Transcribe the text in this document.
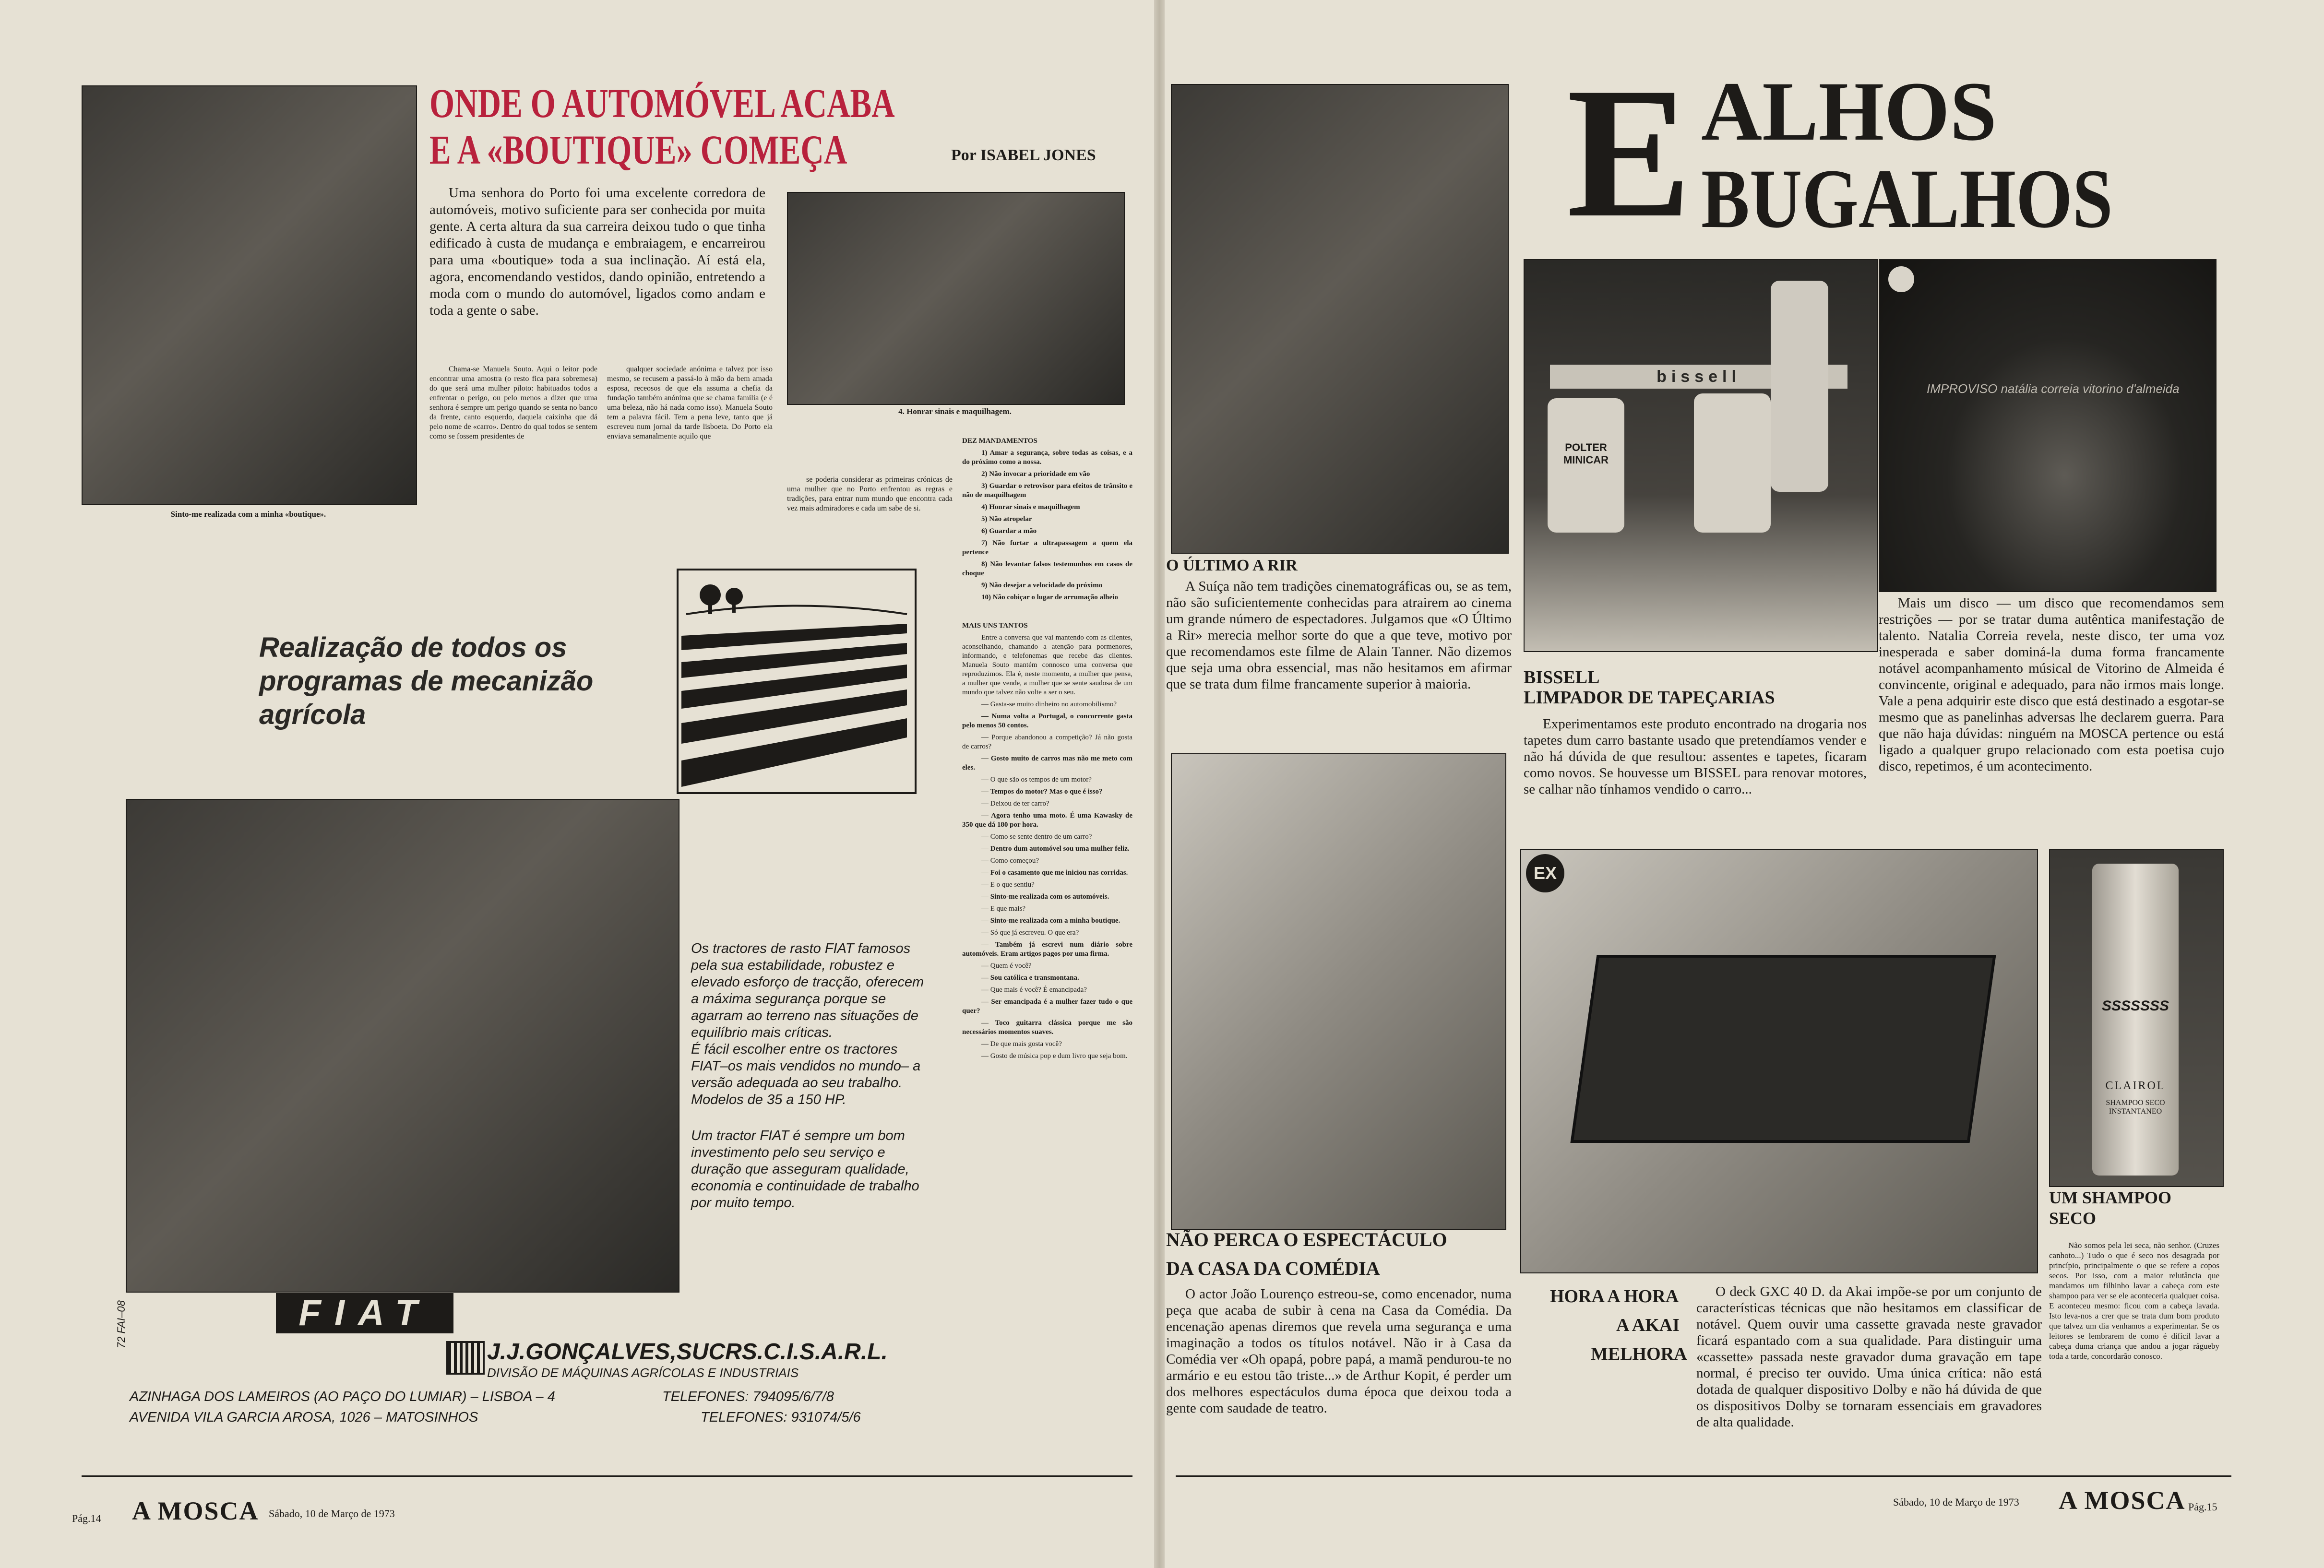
Sinto-me realizada com a minha «boutique».
ONDE O AUTOMÓVEL ACABA
E A «BOUTIQUE» COMEÇA	Por ISABEL JONES

Uma senhora do Porto foi uma excelente corredora de automóveis, motivo suficiente para ser conhecida por muita gente. A certa altura da sua carreira deixou tudo o que tinha edificado à custa de mudança e embraiagem, e encarreirou para uma «boutique» toda a sua inclinação. Aí está ela, agora, encomendando vestidos, dando opinião, entretendo a moda com o mundo do automóvel, ligados como andam e toda a gente o sabe.

4. Honrar sinais e maquilhagem.

Chama-se Manuela Souto. Aqui o leitor pode encontrar uma amostra (o resto fica para sobremesa) do que será uma mulher piloto: habituados todos a enfrentar o perigo, ou pelo menos a dizer que uma senhora é sempre um perigo quando se senta no banco da frente, canto esquerdo, daquela caixinha que dá pelo nome de «carro». Dentro do qual todos se sentem como se fossem presidentes de

qualquer sociedade anónima e talvez por isso mesmo, se recusem a passá-lo à mão da bem amada esposa, receosos de que ela assuma a chefia da fundação também anónima que se chama família (e é uma beleza, não há nada como isso). Manuela Souto tem a palavra fácil. Tem a pena leve, tanto que já escreveu num jornal da tarde lisboeta. Do Porto ela enviava semanalmente aquilo que

se poderia considerar as primeiras crónicas de uma mulher que no Porto enfrentou as regras e tradições, para entrar num mundo que encontra cada vez mais admiradores e cada um sabe de si.

DEZ MANDAMENTOS

1) Amar a segurança, sobre todas as coisas, e a do próximo como a nossa.

2) Não invocar a prioridade em vão

3) Guardar o retrovisor para efeitos de trânsito e não de maquilhagem

4) Honrar sinais e maquilhagem

5) Não atropelar

6) Guardar a mão

7) Não furtar a ultrapassagem a quem ela pertence

8) Não levantar falsos testemunhos em casos de choque

9) Não desejar a velocidade do próximo

10) Não cobiçar o lugar de arrumação alheio

MAIS UNS TANTOS

Entre a conversa que vai mantendo com as clientes, aconselhando, chamando a atenção para pormenores, informando, e telefonemas que recebe das clientes. Manuela Souto mantém connosco uma conversa que reproduzimos. Ela é, neste momento, a mulher que pensa, a mulher que vende, a mulher que se sente saudosa de um mundo que talvez não volte a ser o seu.

— Gasta-se muito dinheiro no automobilismo?

— Numa volta a Portugal, o concorrente gasta pelo menos 50 contos.

— Porque abandonou a competição? Já não gosta de carros?

— Gosto muito de carros mas não me meto com eles.

— O que são os tempos de um motor?

— Tempos do motor? Mas o que é isso?

— Deixou de ter carro?

— Agora tenho uma moto. É uma Kawasky de 350 que dá 180 por hora.

— Como se sente dentro de um carro?

— Dentro dum automóvel sou uma mulher feliz.

— Como começou?

— Foi o casamento que me iniciou nas corridas.

— E o que sentiu?

— Sinto-me realizada com os automóveis.

— E que mais?

— Sinto-me realizada com a minha boutique.

— Só que já escreveu. O que era?

— Também já escrevi num diário sobre automóveis. Eram artigos pagos por uma firma.

— Quem é você?

— Sou católica e transmontana.

— Que mais é você? É emancipada?

— Ser emancipada é a mulher fazer tudo o que quer?

— Toco guitarra clássica porque me são necessários momentos suaves.

— De que mais gosta você?

— Gosto de música pop e dum livro que seja bom.

Realização de todos os programas de mecanizão agrícola
Os tractores de rasto FIAT famosos pela sua estabilidade, robustez e elevado esforço de tracção, oferecem a máxima segurança porque se agarram ao terreno nas situações de equilíbrio mais críticas.
É fácil escolher entre os tractores FIAT–os mais vendidos no mundo– a versão adequada ao seu trabalho. Modelos de 35 a 150 HP.
Um tractor FIAT é sempre um bom investimento pelo seu serviço e duração que asseguram qualidade, economia e continuidade de trabalho por muito tempo.
72 FAI–08	FIAT
J.J.GONÇALVES,SUCRS.C.I.S.A.R.L.
DIVISÃO DE MÁQUINAS AGRÍCOLAS E INDUSTRIAIS
AZINHAGA DOS LAMEIROS (AO PAÇO DO LUMIAR) – LISBOA – 4	TELEFONES: 794095/6/7/8
AVENIDA VILA GARCIA AROSA, 1026 – MATOSINHOS	TELEFONES: 931074/5/6
Pág.14 A MOSCA Sábado, 10 de Março de 1973
E ALHOS
BUGALHOS
O ÚLTIMO A RIR

A Suíça não tem tradições cinematográficas ou, se as tem, não são suficientemente conhecidas para atrairem ao cinema um grande número de espectadores. Julgamos que «O Último a Rir» merecia melhor sorte do que a que teve, motivo por que recomendamos este filme de Alain Tanner. Não dizemos que seja uma obra essencial, mas não hesitamos em afirmar que se trata dum filme francamente superior à maioria.

bissell
POLTER MINICAR
BISSELL
LIMPADOR DE TAPEÇARIAS

Experimentamos este produto encontrado na drogaria nos tapetes dum carro bastante usado que pretendíamos vender e não há dúvida de que resultou: assentes e tapetes, ficaram como novos. Se houvesse um BISSEL para renovar motores, se calhar não tínhamos vendido o carro...

IMPROVISO natália correia vitorino d'almeida

Mais um disco — um disco que recomendamos sem restrições — por se tratar duma autêntica manifestação de talento. Natalia Correia revela, neste disco, ter uma voz inesperada e saber dominá-la duma forma francamente notável acompanhamento músical de Vitorino de Almeida é convincente, original e adequado, para não irmos mais longe. Vale a pena adquirir este disco que está destinado a esgotar-se mesmo que as panelinhas adversas lhe declarem guerra. Para que não haja dúvidas: ninguém na MOSCA pertence ou está ligado a qualquer grupo relacionado com esta poetisa cujo disco, repetimos, é um acontecimento.

NÃO PERCA O ESPECTÁCULO
DA CASA DA COMÉDIA

O actor João Lourenço estreou-se, como encenador, numa peça que acaba de subir à cena na Casa da Comédia. Da encenação apenas diremos que revela uma segurança e uma imaginação a todos os títulos notável. Não ir à Casa da Comédia ver «Oh opapá, pobre papá, a mamã pendurou-te no armário e eu estou tão triste...» de Arthur Kopit, é perder um dos melhores espectáculos duma época que deixou toda a gente com saudade de teatro.

EX
HORA A HORA
A AKAI
MELHORA

O deck GXC 40 D. da Akai impõe-se por um conjunto de características técnicas que não hesitamos em classificar de notável. Quem ouvir uma cassette gravada neste gravador ficará espantado com a sua qualidade. Para distinguir uma «cassette» passada neste gravador duma gravação em tape normal, é preciso ter ouvido. Uma única crítica: não está dotada de qualquer dispositivo Dolby e não há dúvida de que os dispositivos Dolby se tornaram essenciais em gravadores de alta qualidade.

SSSSSSS
CLAIROL
SHAMPOO SECO INSTANTANEO
UM SHAMPOO
SECO

Não somos pela lei seca, não senhor. (Cruzes canhoto...) Tudo o que é seco nos desagrada por princípio, principalmente o que se refere a copos secos. Por isso, com a maior relutância que mandamos um filhinho lavar a cabeça com este shampoo para ver se ele aconteceria qualquer coisa. E aconteceu mesmo: ficou com a cabeça lavada. Isto leva-nos a crer que se trata dum bom produto que talvez um dia venhamos a experimentar. Se os leitores se lembrarem de como é difícil lavar a cabeça duma criança que andou a jogar rágueby toda a tarde, concordarão conosco.

Sábado, 10 de Março de 1973 A MOSCA Pág.15
